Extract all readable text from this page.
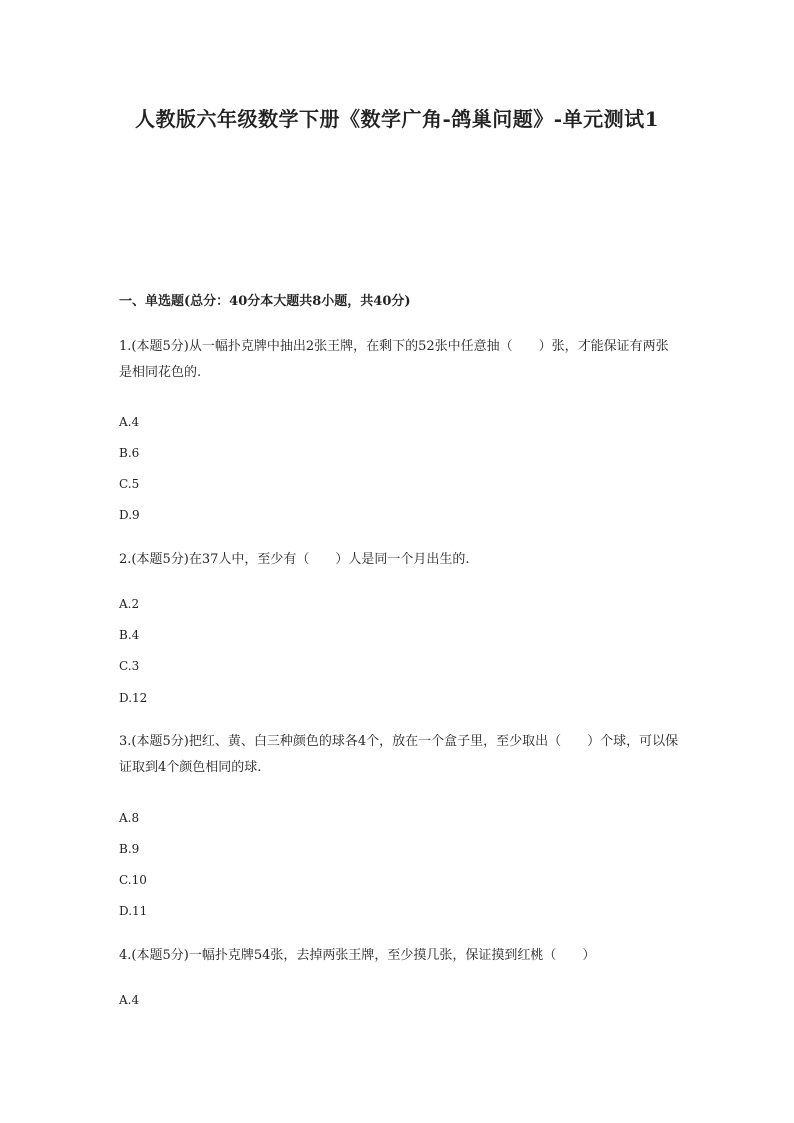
人教版六年级数学下册《数学广角-鸽巢问题》-单元测试1

一、单选题(总分：40分本大题共8小题，共40分)

1.(本题5分)从一幅扑克牌中抽出2张王牌，在剩下的52张中任意抽（　　）张，才能保证有两张是相同花色的.

A.4

B.6

C.5

D.9

2.(本题5分)在37人中，至少有（　　）人是同一个月出生的.

A.2

B.4

C.3

D.12

3.(本题5分)把红、黄、白三种颜色的球各4个，放在一个盒子里，至少取出（　　）个球，可以保证取到4个颜色相同的球.

A.8

B.9

C.10

D.11

4.(本题5分)一幅扑克牌54张，去掉两张王牌，至少摸几张，保证摸到红桃（　　）

A.4
